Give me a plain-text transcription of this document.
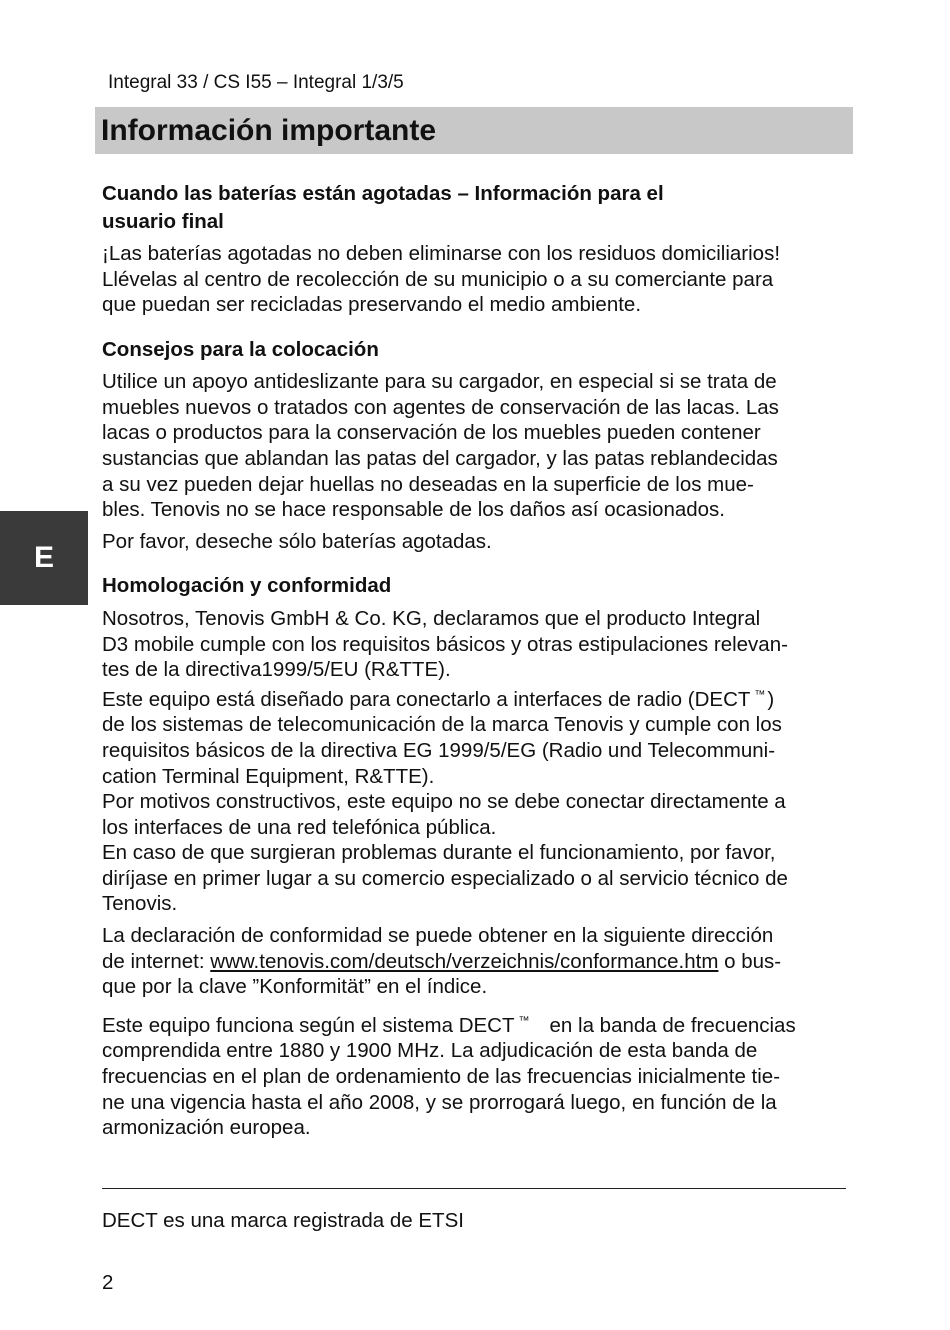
Integral 33 / CS I55 – Integral 1/3/5
Información importante
E
Cuando las baterías están agotadas – Información para el
usuario final

¡Las baterías agotadas no deben eliminarse con los residuos domiciliarios!
Llévelas al centro de recolección de su municipio o a su comerciante para
que puedan ser recicladas preservando el medio ambiente.

Consejos para la colocación

Utilice un apoyo antideslizante para su cargador, en especial si se trata de
muebles nuevos o tratados con agentes de conservación de las lacas. Las
lacas o productos para la conservación de los muebles pueden contener
sustancias que ablandan las patas del cargador, y las patas reblandecidas
a su vez pueden dejar huellas no deseadas en la superficie de los mue-
bles. Tenovis no se hace responsable de los daños así ocasionados.

Por favor, deseche sólo baterías agotadas.

Homologación y conformidad

Nosotros, Tenovis GmbH & Co. KG, declaramos que el producto Integral
D3 mobile cumple con los requisitos básicos y otras estipulaciones relevan-
tes de la directiva1999/5/EU (R&TTE).
Este equipo está diseñado para conectarlo a interfaces de radio (DECT ™)
de los sistemas de telecomunicación de la marca Tenovis y cumple con los
requisitos básicos de la directiva EG 1999/5/EG (Radio und Telecommuni-
cation Terminal Equipment, R&TTE).
Por motivos constructivos, este equipo no se debe conectar directamente a
los interfaces de una red telefónica pública.
En caso de que surgieran problemas durante el funcionamiento, por favor,
diríjase en primer lugar a su comercio especializado o al servicio técnico de
Tenovis.

La declaración de conformidad se puede obtener en la siguiente dirección
de internet: www.tenovis.com/deutsch/verzeichnis/conformance.htm o bus-
que por la clave ”Konformität” en el índice.

Este equipo funciona según el sistema DECT ™ en la banda de frecuencias
comprendida entre 1880 y 1900 MHz. La adjudicación de esta banda de
frecuencias en el plan de ordenamiento de las frecuencias inicialmente tie-
ne una vigencia hasta el año 2008, y se prorrogará luego, en función de la
armonización europea.

DECT es una marca registrada de ETSI
2
